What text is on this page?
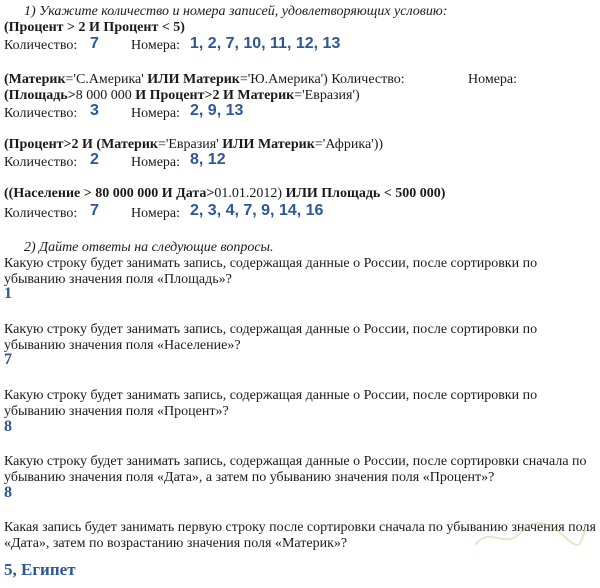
1) Укажите количество и номера записей, удовлетворяющих условию:
(Процент > 2 И Процент < 5)
Количество: 7 Номера: 1, 2, 7, 10, 11, 12, 13
(Материк='С.Америка' ИЛИ Материк='Ю.Америка') Количество:	Номера:
(Площадь>8 000 000 И Процент>2 И Материк='Евразия')
Количество: 3 Номера: 2, 9, 13
(Процент>2 И (Материк='Евразия' ИЛИ Материк='Африка'))
Количество: 2 Номера: 8, 12
((Население > 80 000 000 И Дата>01.01.2012) ИЛИ Площадь < 500 000)
Количество: 7 Номера: 2, 3, 4, 7, 9, 14, 16
2) Дайте ответы на следующие вопросы.
Какую строку будет занимать запись, содержащая данные о России, после сортировки по убыванию значения поля «Площадь»?
1
Какую строку будет занимать запись, содержащая данные о России, после сортировки по убыванию значения поля «Население»?
7
Какую строку будет занимать запись, содержащая данные о России, после сортировки по убыванию значения поля «Процент»?
8
Какую строку будет занимать запись, содержащая данные о России, после сортировки сначала по убыванию значения поля «Дата», а затем по убыванию значения поля «Процент»?
8
Какая запись будет занимать первую строку после сортировки сначала по убыванию значения поля «Дата», затем по возрастанию значения поля «Материк»?
5, Египет
